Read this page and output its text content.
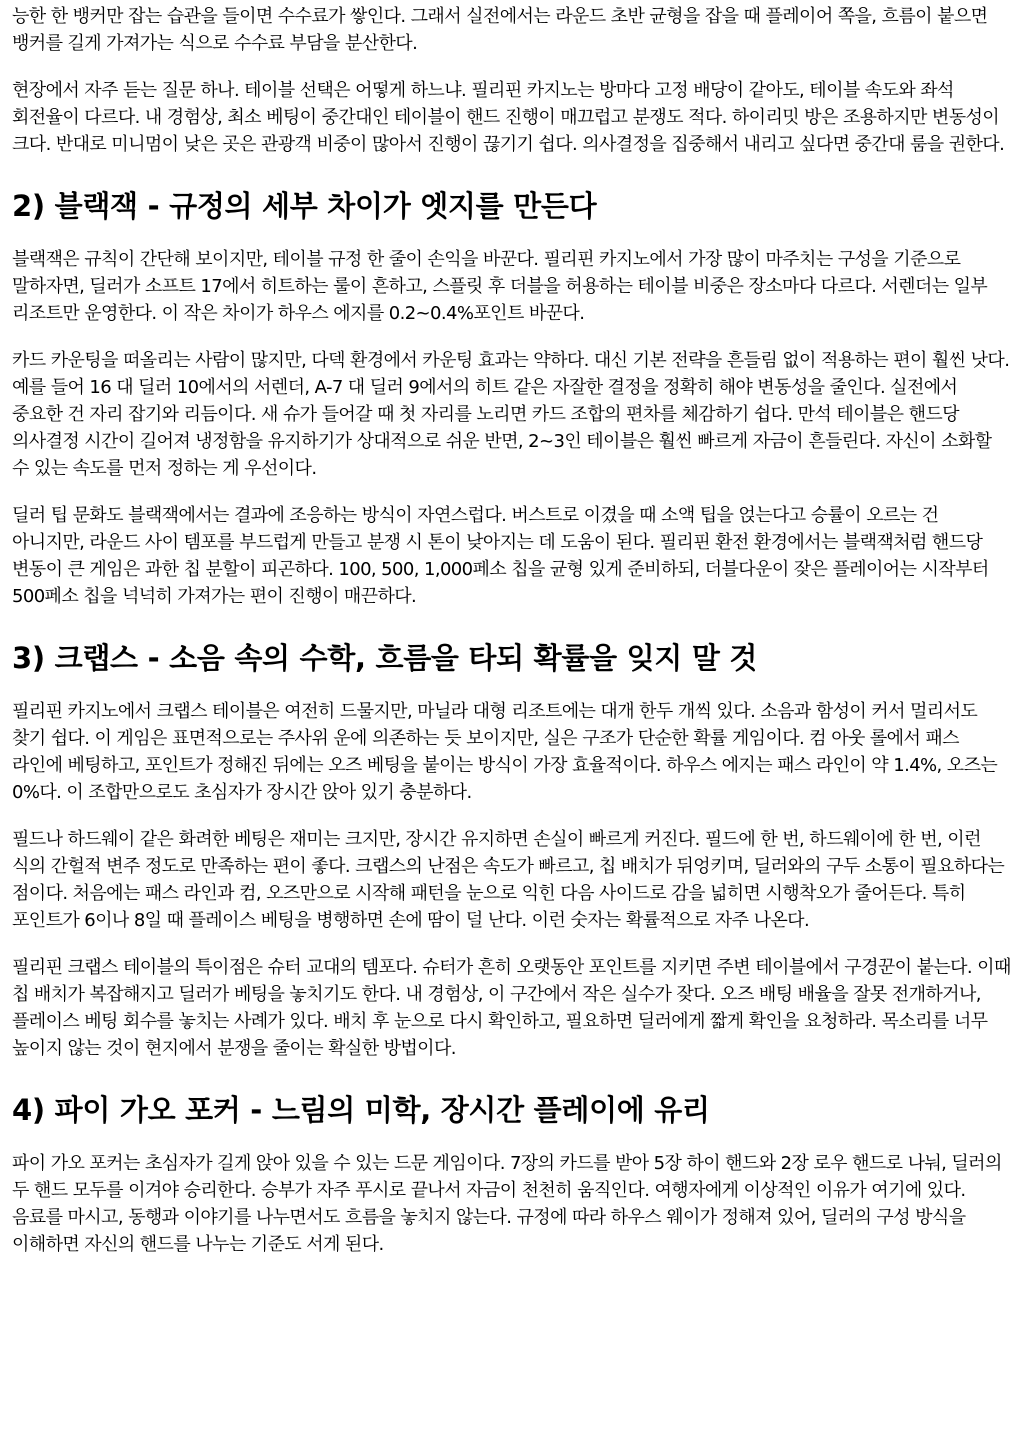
능한 한 뱅커만 잡는 습관을 들이면 수수료가 쌓인다. 그래서 실전에서는 라운드 초반 균형을 잡을 때 플레이어 쪽을, 흐름이 붙으면 뱅커를 길게 가져가는 식으로 수수료 부담을 분산한다.

현장에서 자주 듣는 질문 하나. 테이블 선택은 어떻게 하느냐. 필리핀 카지노는 방마다 고정 배당이 같아도, 테이블 속도와 좌석 회전율이 다르다. 내 경험상, 최소 베팅이 중간대인 테이블이 핸드 진행이 매끄럽고 분쟁도 적다. 하이리밋 방은 조용하지만 변동성이 크다. 반대로 미니멈이 낮은 곳은 관광객 비중이 많아서 진행이 끊기기 쉽다. 의사결정을 집중해서 내리고 싶다면 중간대 룸을 권한다.

2) 블랙잭 - 규정의 세부 차이가 엣지를 만든다

블랙잭은 규칙이 간단해 보이지만, 테이블 규정 한 줄이 손익을 바꾼다. 필리핀 카지노에서 가장 많이 마주치는 구성을 기준으로 말하자면, 딜러가 소프트 17에서 히트하는 룰이 흔하고, 스플릿 후 더블을 허용하는 테이블 비중은 장소마다 다르다. 서렌더는 일부 리조트만 운영한다. 이 작은 차이가 하우스 에지를 0.2~0.4%포인트 바꾼다.

카드 카운팅을 떠올리는 사람이 많지만, 다덱 환경에서 카운팅 효과는 약하다. 대신 기본 전략을 흔들림 없이 적용하는 편이 훨씬 낫다. 예를 들어 16 대 딜러 10에서의 서렌더, A-7 대 딜러 9에서의 히트 같은 자잘한 결정을 정확히 해야 변동성을 줄인다. 실전에서 중요한 건 자리 잡기와 리듬이다. 새 슈가 들어갈 때 첫 자리를 노리면 카드 조합의 편차를 체감하기 쉽다. 만석 테이블은 핸드당 의사결정 시간이 길어져 냉정함을 유지하기가 상대적으로 쉬운 반면, 2~3인 테이블은 훨씬 빠르게 자금이 흔들린다. 자신이 소화할 수 있는 속도를 먼저 정하는 게 우선이다.

딜러 팁 문화도 블랙잭에서는 결과에 조응하는 방식이 자연스럽다. 버스트로 이겼을 때 소액 팁을 얹는다고 승률이 오르는 건 아니지만, 라운드 사이 템포를 부드럽게 만들고 분쟁 시 톤이 낮아지는 데 도움이 된다. 필리핀 환전 환경에서는 블랙잭처럼 핸드당 변동이 큰 게임은 과한 칩 분할이 피곤하다. 100, 500, 1,000페소 칩을 균형 있게 준비하되, 더블다운이 잦은 플레이어는 시작부터 500페소 칩을 넉넉히 가져가는 편이 진행이 매끈하다.

3) 크랩스 - 소음 속의 수학, 흐름을 타되 확률을 잊지 말 것

필리핀 카지노에서 크랩스 테이블은 여전히 드물지만, 마닐라 대형 리조트에는 대개 한두 개씩 있다. 소음과 함성이 커서 멀리서도 찾기 쉽다. 이 게임은 표면적으로는 주사위 운에 의존하는 듯 보이지만, 실은 구조가 단순한 확률 게임이다. 컴 아웃 롤에서 패스 라인에 베팅하고, 포인트가 정해진 뒤에는 오즈 베팅을 붙이는 방식이 가장 효율적이다. 하우스 에지는 패스 라인이 약 1.4%, 오즈는 0%다. 이 조합만으로도 초심자가 장시간 앉아 있기 충분하다.

필드나 하드웨이 같은 화려한 베팅은 재미는 크지만, 장시간 유지하면 손실이 빠르게 커진다. 필드에 한 번, 하드웨이에 한 번, 이런 식의 간헐적 변주 정도로 만족하는 편이 좋다. 크랩스의 난점은 속도가 빠르고, 칩 배치가 뒤엉키며, 딜러와의 구두 소통이 필요하다는 점이다. 처음에는 패스 라인과 컴, 오즈만으로 시작해 패턴을 눈으로 익힌 다음 사이드로 감을 넓히면 시행착오가 줄어든다. 특히 포인트가 6이나 8일 때 플레이스 베팅을 병행하면 손에 땀이 덜 난다. 이런 숫자는 확률적으로 자주 나온다.

필리핀 크랩스 테이블의 특이점은 슈터 교대의 템포다. 슈터가 흔히 오랫동안 포인트를 지키면 주변 테이블에서 구경꾼이 붙는다. 이때 칩 배치가 복잡해지고 딜러가 베팅을 놓치기도 한다. 내 경험상, 이 구간에서 작은 실수가 잦다. 오즈 배팅 배율을 잘못 전개하거나, 플레이스 베팅 회수를 놓치는 사례가 있다. 배치 후 눈으로 다시 확인하고, 필요하면 딜러에게 짧게 확인을 요청하라. 목소리를 너무 높이지 않는 것이 현지에서 분쟁을 줄이는 확실한 방법이다.

4) 파이 가오 포커 - 느림의 미학, 장시간 플레이에 유리

파이 가오 포커는 초심자가 길게 앉아 있을 수 있는 드문 게임이다. 7장의 카드를 받아 5장 하이 핸드와 2장 로우 핸드로 나눠, 딜러의 두 핸드 모두를 이겨야 승리한다. 승부가 자주 푸시로 끝나서 자금이 천천히 움직인다. 여행자에게 이상적인 이유가 여기에 있다. 음료를 마시고, 동행과 이야기를 나누면서도 흐름을 놓치지 않는다. 규정에 따라 하우스 웨이가 정해져 있어, 딜러의 구성 방식을 이해하면 자신의 핸드를 나누는 기준도 서게 된다.
